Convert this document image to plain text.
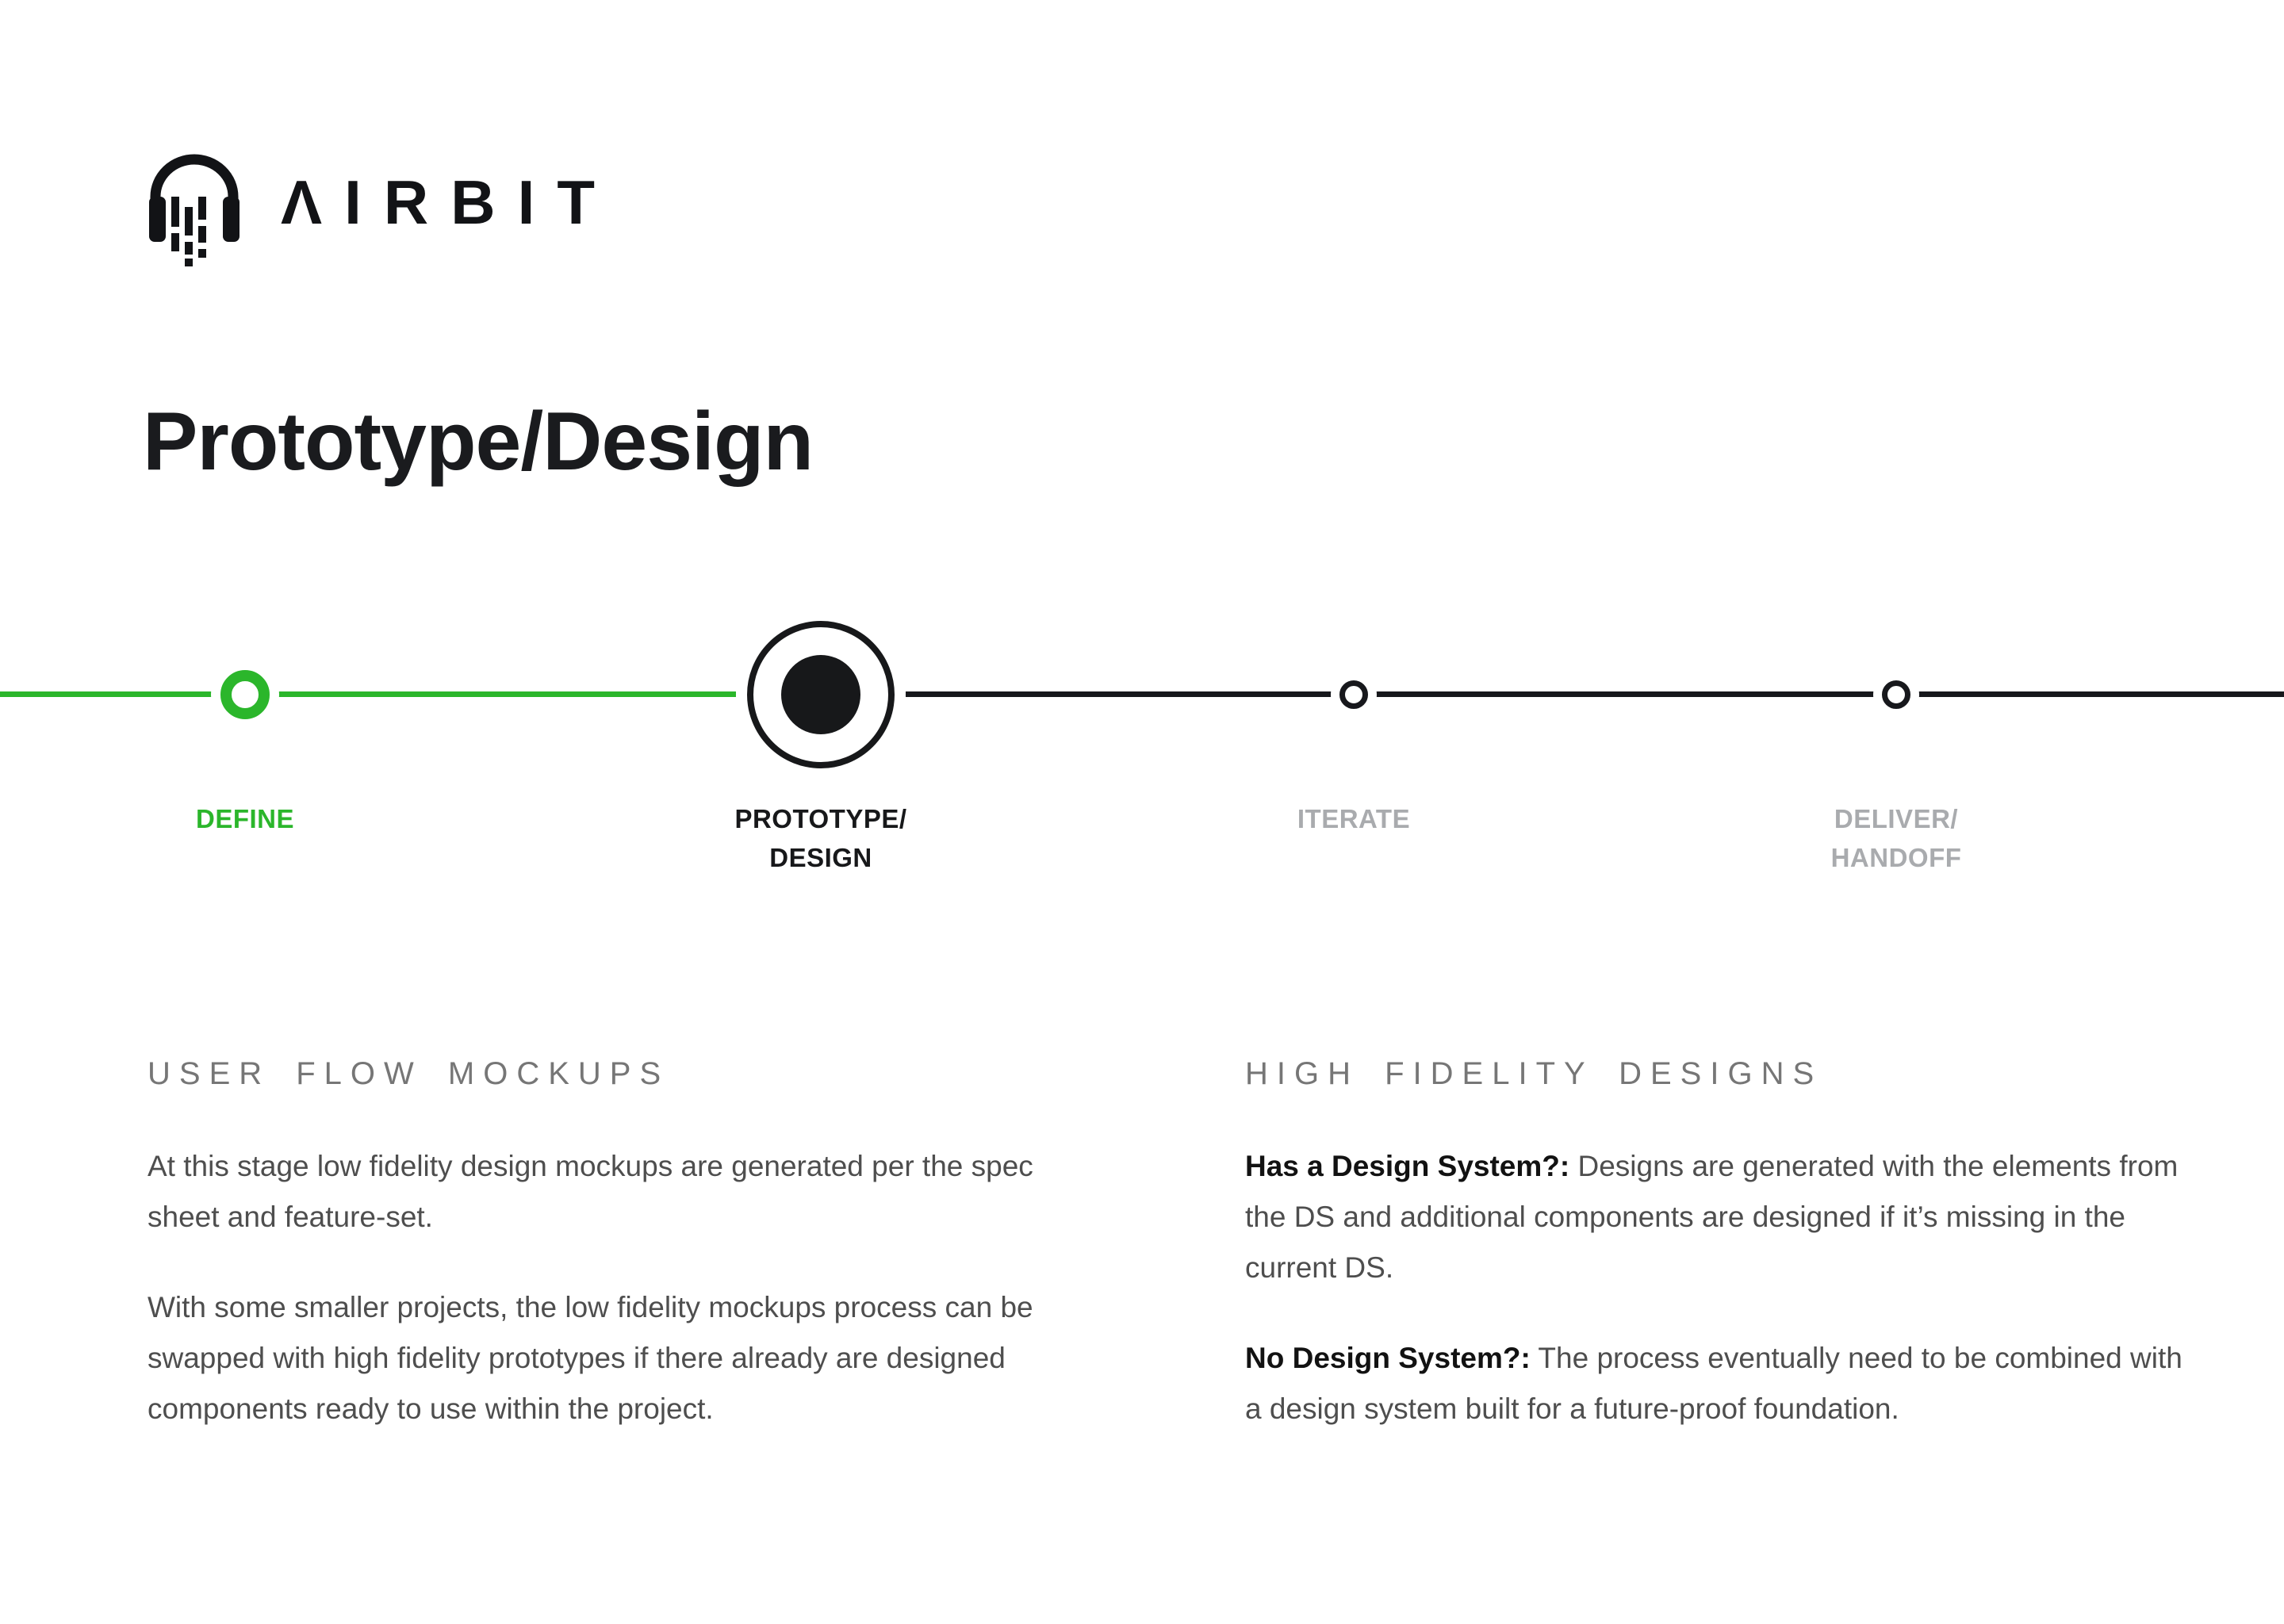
ΛIRBIT
Prototype/Design
DEFINE	PROTOTYPE/
DESIGN
ITERATE	DELIVER/
HANDOFF
USER FLOW MOCKUPS

At this stage low fidelity design mockups are generated per the spec sheet and feature-set.

With some smaller projects, the low fidelity mockups process can be swapped with high fidelity prototypes if there already are designed components ready to use within the project.

HIGH FIDELITY DESIGNS

Has a Design System?: Designs are generated with the elements from the DS and additional components are designed if it’s missing in the current DS.

No Design System?: The process eventually need to be combined with a design system built for a future-proof foundation.
